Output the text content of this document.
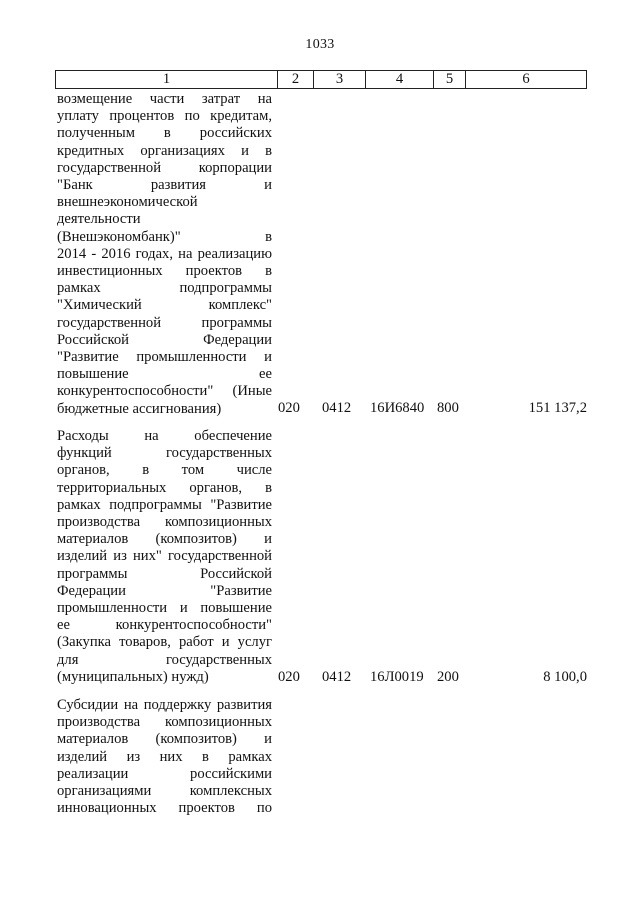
1033
1	2	3	4	5	6
возмещение части затрат на
уплату процентов по кредитам,
полученным в российских
кредитных организациях и в
государственной корпорации
"Банк развития и
внешнеэкономической
деятельности
(Внешэкономбанк)" в
2014 - 2016 годах, на реализацию
инвестиционных проектов в
рамках подпрограммы
"Химический комплекс"
государственной программы
Российской Федерации
"Развитие промышленности и
повышение ее
конкурентоспособности" (Иные
бюджетные ассигнования)	020 0412 16И6840 800	151 137,2
Расходы на обеспечение
функций государственных
органов, в том числе
территориальных органов, в
рамках подпрограммы "Развитие
производства композиционных
материалов (композитов) и
изделий из них" государственной
программы Российской
Федерации "Развитие
промышленности и повышение
ее конкурентоспособности"
(Закупка товаров, работ и услуг
для государственных
(муниципальных) нужд)	020 0412 16Л0019 200	8 100,0
Субсидии на поддержку развития
производства композиционных
материалов (композитов) и
изделий из них в рамках
реализации российскими
организациями комплексных
инновационных проектов по
